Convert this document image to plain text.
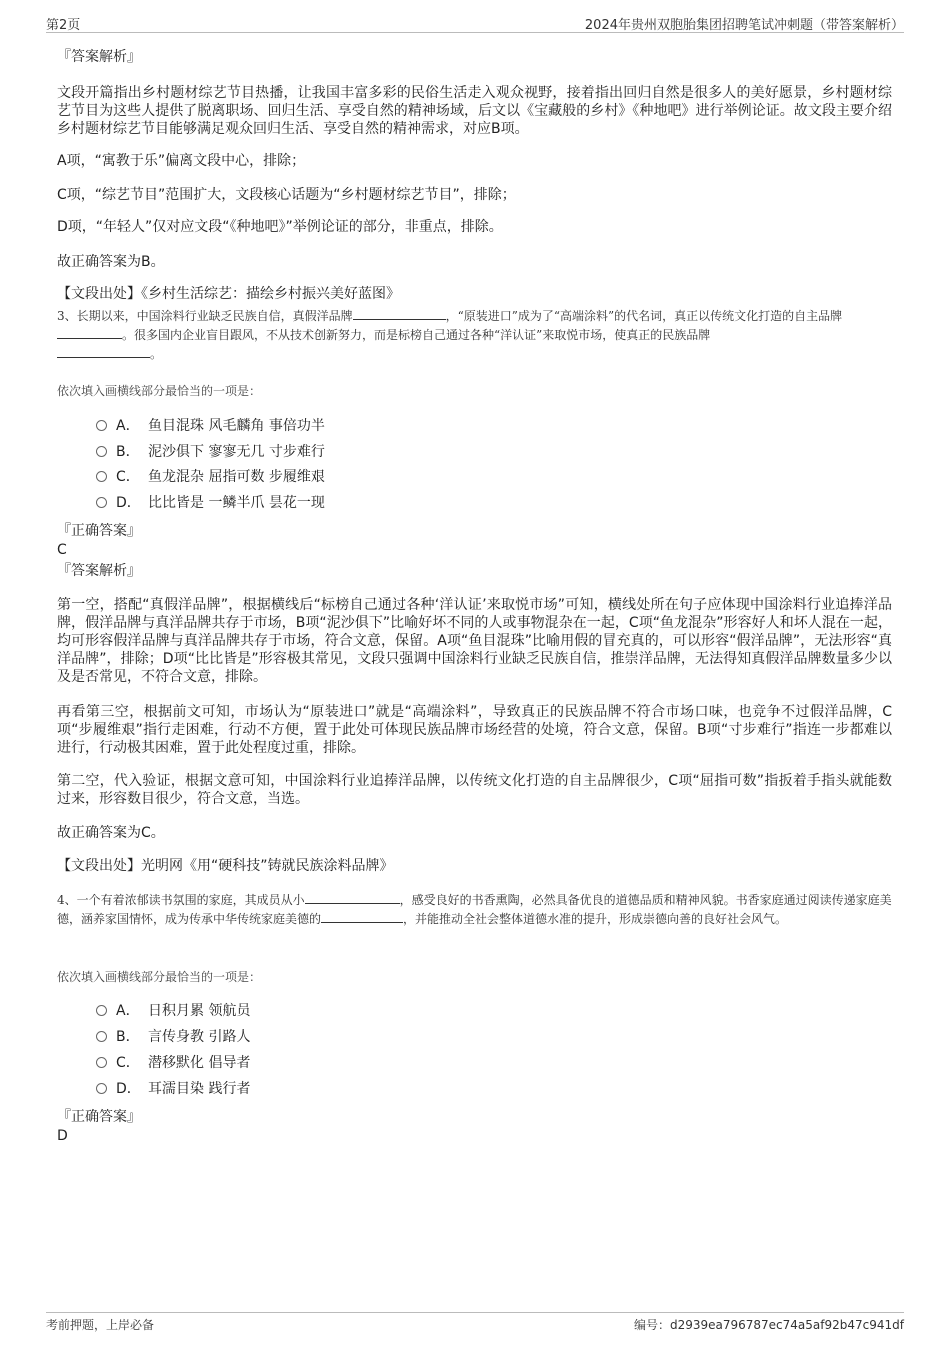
第2页	2024年贵州双胞胎集团招聘笔试冲刺题（带答案解析）
『答案解析』
文段开篇指出乡村题材综艺节目热播，让我国丰富多彩的民俗生活走入观众视野，接着指出回归自然是很多人的美好愿景，乡村题材综艺节目为这些人提供了脱离职场、回归生活、享受自然的精神场域，后文以《宝藏般的乡村》《种地吧》进行举例论证。故文段主要介绍乡村题材综艺节目能够满足观众回归生活、享受自然的精神需求，对应B项。
A项，“寓教于乐”偏离文段中心，排除；
C项，“综艺节目”范围扩大，文段核心话题为“乡村题材综艺节目”，排除；
D项，“年轻人”仅对应文段“《种地吧》”举例论证的部分，非重点，排除。
故正确答案为B。
【文段出处】《乡村生活综艺：描绘乡村振兴美好蓝图》
3、长期以来，中国涂料行业缺乏民族自信，真假洋品牌	，“原装进口”成为了“高端涂料”的代名词，真正以传统文化打造的自主品牌。很多国内企业盲目跟风，不从技术创新努力，而是标榜自己通过各种“洋认证”来取悦市场，使真正的民族品牌
。
依次填入画横线部分最恰当的一项是：
A． 鱼目混珠 风毛麟角 事倍功半
B． 泥沙俱下 寥寥无几 寸步难行
C． 鱼龙混杂 屈指可数 步履维艰
D． 比比皆是 一鳞半爪 昙花一现
『正确答案』
C
『答案解析』
第一空，搭配“真假洋品牌”，根据横线后“标榜自己通过各种‘洋认证’来取悦市场”可知，横线处所在句子应体现中国涂料行业追捧洋品牌，假洋品牌与真洋品牌共存于市场，B项“泥沙俱下”比喻好坏不同的人或事物混杂在一起，C项“鱼龙混杂”形容好人和坏人混在一起，均可形容假洋品牌与真洋品牌共存于市场，符合文意，保留。A项“鱼目混珠”比喻用假的冒充真的，可以形容“假洋品牌”，无法形容“真洋品牌”，排除；D项“比比皆是”形容极其常见，文段只强调中国涂料行业缺乏民族自信，推崇洋品牌，无法得知真假洋品牌数量多少以及是否常见，不符合文意，排除。
再看第三空，根据前文可知，市场认为“原装进口”就是“高端涂料”，导致真正的民族品牌不符合市场口味，也竞争不过假洋品牌，C项“步履维艰”指行走困难，行动不方便，置于此处可体现民族品牌市场经营的处境，符合文意，保留。B项“寸步难行”指连一步都难以进行，行动极其困难，置于此处程度过重，排除。
第二空，代入验证，根据文意可知，中国涂料行业追捧洋品牌，以传统文化打造的自主品牌很少，C项“屈指可数”指扳着手指头就能数过来，形容数目很少，符合文意，当选。
故正确答案为C。
【文段出处】光明网《用“硬科技”铸就民族涂料品牌》
4、一个有着浓郁读书氛围的家庭，其成员从小	，感受良好的书香熏陶，必然具备优良的道德品质和精神风貌。书香家庭通过阅读传递家庭美德，涵养家国情怀，成为传承中华传统家庭美德的	，并能推动全社会整体道德水准的提升，形成崇德向善的良好社会风气。
依次填入画横线部分最恰当的一项是：
A． 日积月累 领航员
B． 言传身教 引路人
C． 潜移默化 倡导者
D． 耳濡目染 践行者
『正确答案』
D
考前押题，上岸必备	编号：d2939ea796787ec74a5af92b47c941df
